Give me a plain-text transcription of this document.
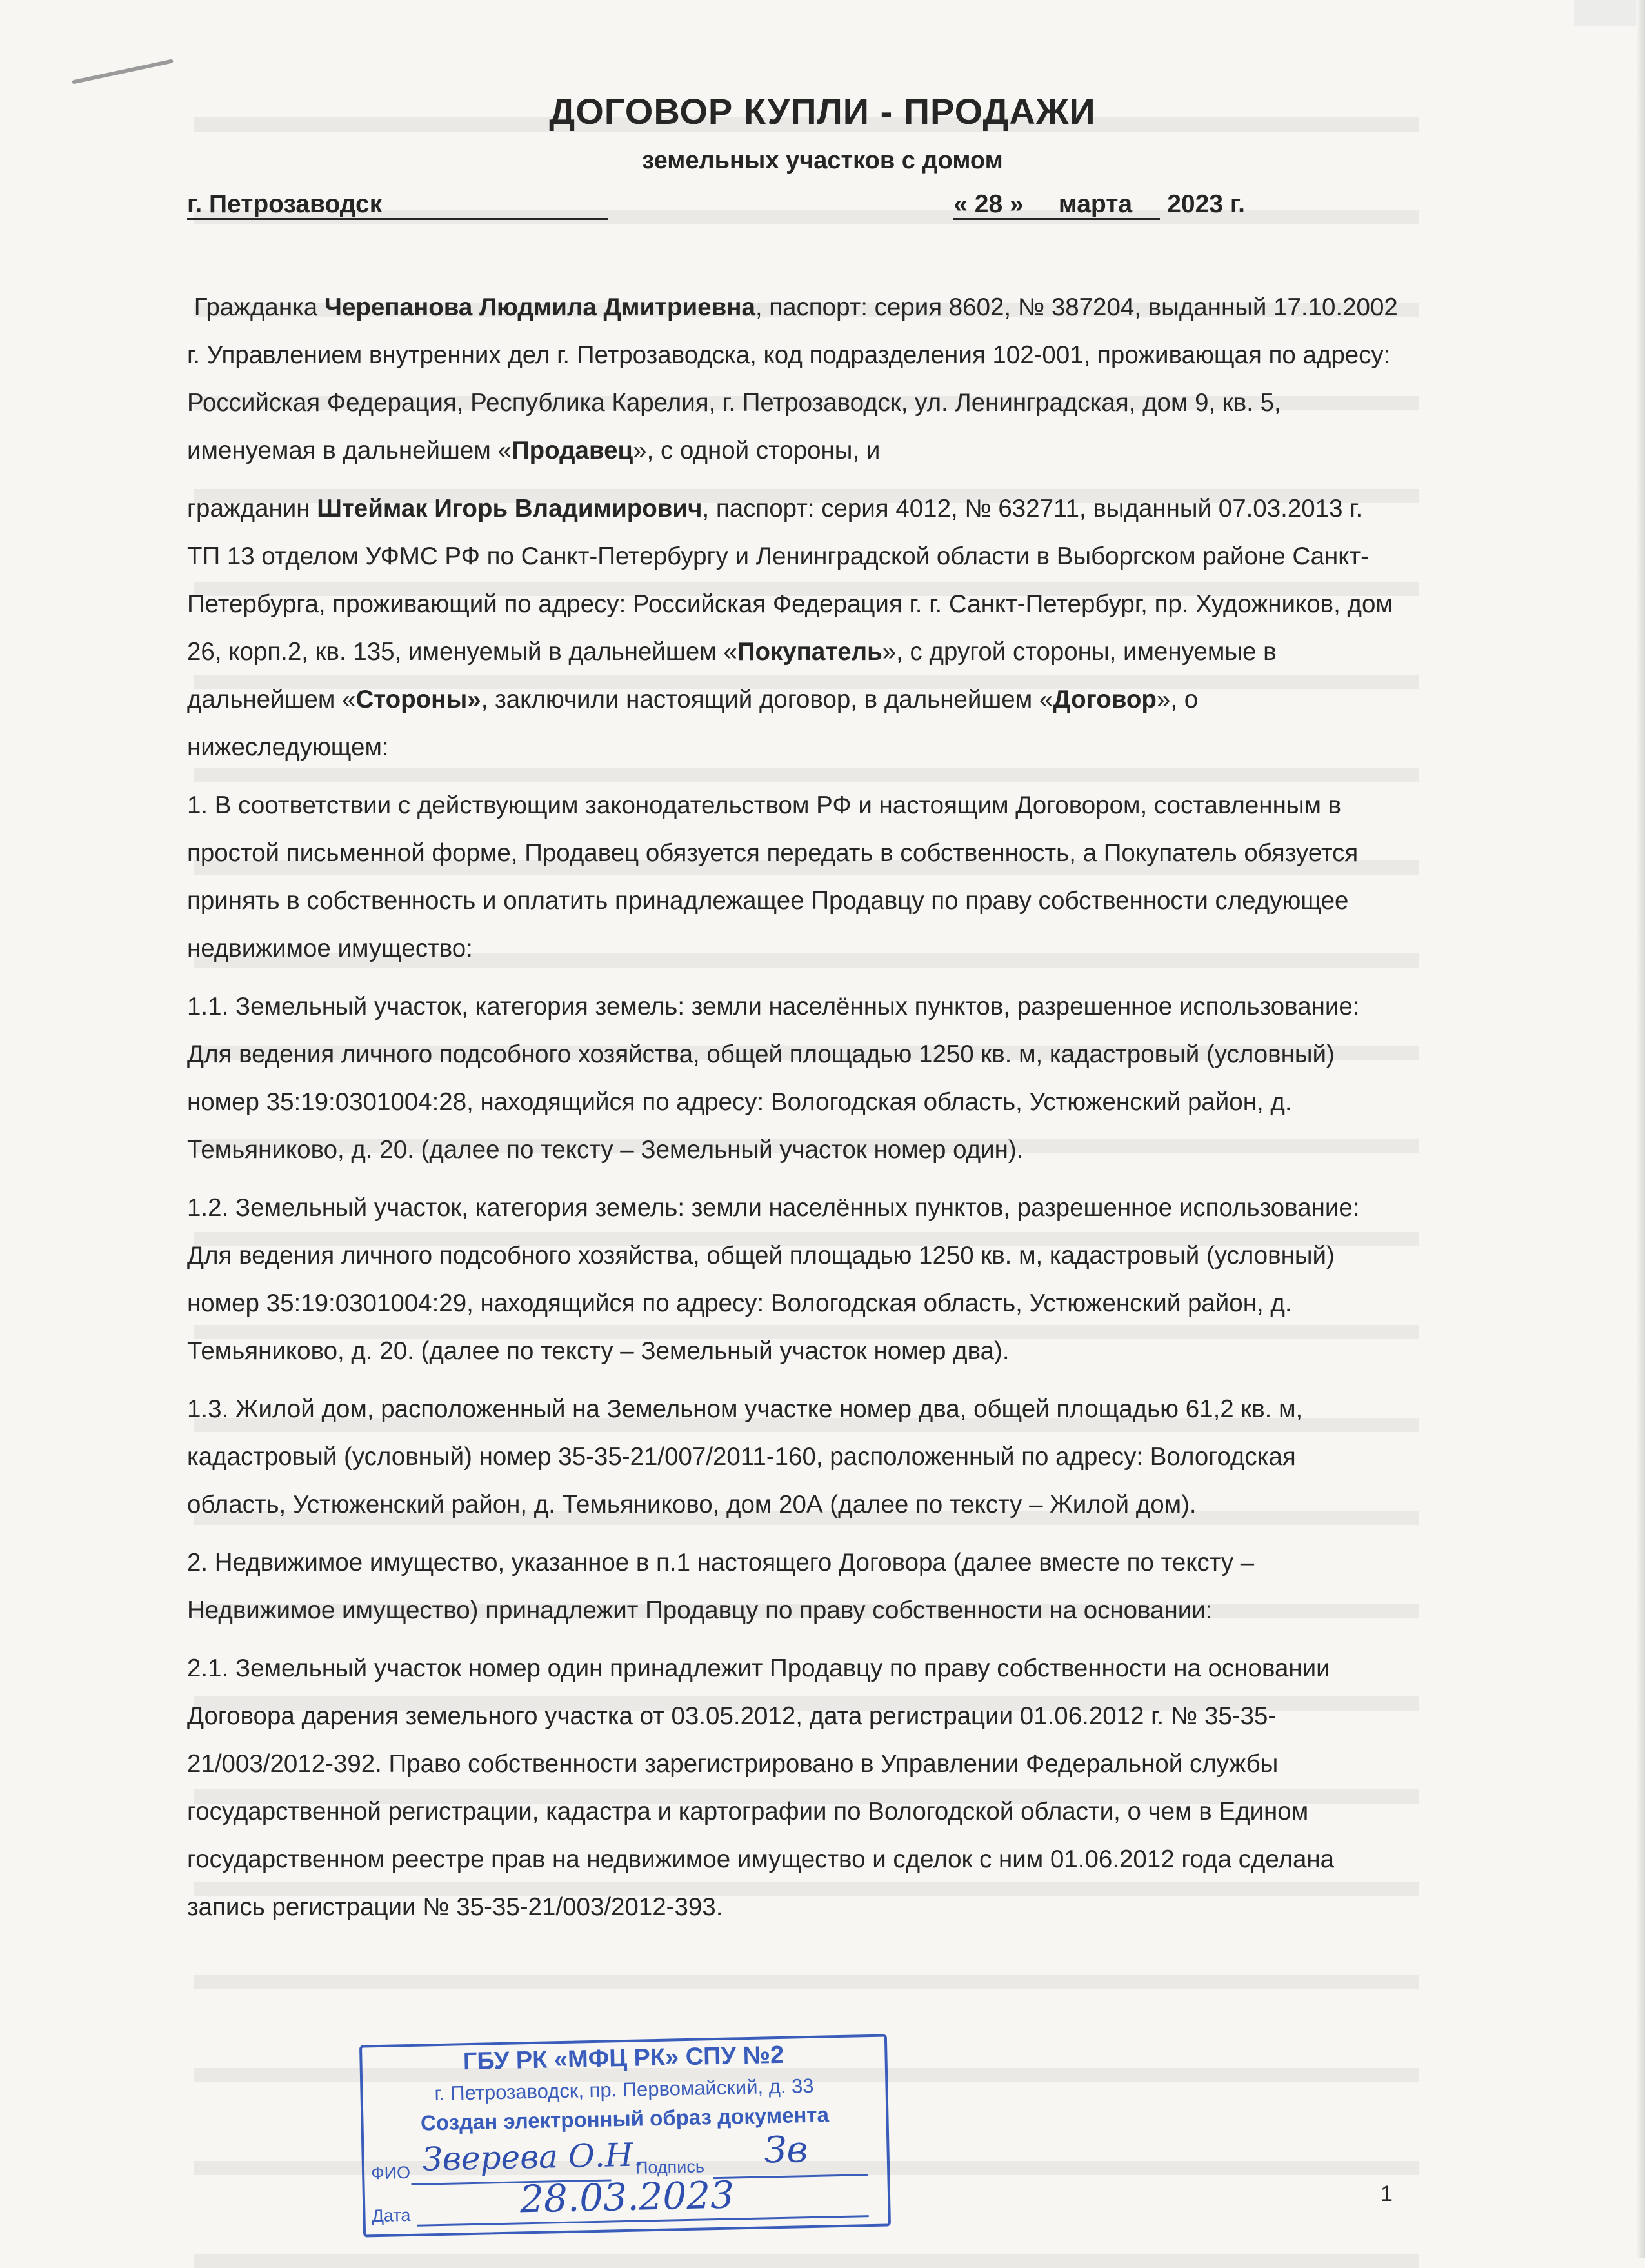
ДОГОВОР КУПЛИ - ПРОДАЖИ
земельных участков с домом
г. Петрозаводск	« 28 » марта 2023 г.

Гражданка Черепанова Людмила Дмитриевна, паспорт: серия 8602, № 387204, выданный 17.10.2002 г. Управлением внутренних дел г. Петрозаводска, код подразделения 102-001, проживающая по адресу: Российская Федерация, Республика Карелия, г. Петрозаводск, ул. Ленинградская, дом 9, кв. 5, именуемая в дальнейшем «Продавец», с одной стороны, и

гражданин Штеймак Игорь Владимирович, паспорт: серия 4012, № 632711, выданный 07.03.2013 г. ТП 13 отделом УФМС РФ по Санкт-Петербургу и Ленинградской области в Выборгском районе Санкт-Петербурга, проживающий по адресу: Российская Федерация г. г. Санкт-Петербург, пр. Художников, дом 26, корп.2, кв. 135, именуемый в дальнейшем «Покупатель», с другой стороны, именуемые в дальнейшем «Стороны», заключили настоящий договор, в дальнейшем «Договор», о нижеследующем:

1. В соответствии с действующим законодательством РФ и настоящим Договором, составленным в простой письменной форме, Продавец обязуется передать в собственность, а Покупатель обязуется принять в собственность и оплатить принадлежащее Продавцу по праву собственности следующее недвижимое имущество:

1.1. Земельный участок, категория земель: земли населённых пунктов, разрешенное использование: Для ведения личного подсобного хозяйства, общей площадью 1250 кв. м, кадастровый (условный) номер 35:19:0301004:28, находящийся по адресу: Вологодская область, Устюженский район, д. Темьяниково, д. 20. (далее по тексту – Земельный участок номер один).

1.2. Земельный участок, категория земель: земли населённых пунктов, разрешенное использование: Для ведения личного подсобного хозяйства, общей площадью 1250 кв. м, кадастровый (условный) номер 35:19:0301004:29, находящийся по адресу: Вологодская область, Устюженский район, д. Темьяниково, д. 20. (далее по тексту – Земельный участок номер два).

1.3. Жилой дом, расположенный на Земельном участке номер два, общей площадью 61,2 кв. м, кадастровый (условный) номер 35-35-21/007/2011-160, расположенный по адресу: Вологодская область, Устюженский район, д. Темьяниково, дом 20А (далее по тексту – Жилой дом).

2. Недвижимое имущество, указанное в п.1 настоящего Договора (далее вместе по тексту – Недвижимое имущество) принадлежит Продавцу по праву собственности на основании:

2.1. Земельный участок номер один принадлежит Продавцу по праву собственности на основании Договора дарения земельного участка от 03.05.2012, дата регистрации 01.06.2012 г. № 35-35-21/003/2012-392. Право собственности зарегистрировано в Управлении Федеральной службы государственной регистрации, кадастра и картографии по Вологодской области, о чем в Едином государственном реестре прав на недвижимое имущество и сделок с ним 01.06.2012 года сделана запись регистрации № 35-35-21/003/2012-393.

ГБУ РК «МФЦ РК» СПУ №2
г. Петрозаводск, пр. Первомайский, д. 33
Создан электронный образ документа
ФИО Зверева О.Н.
Подпись Зв
Дата	28.03.2023	1
